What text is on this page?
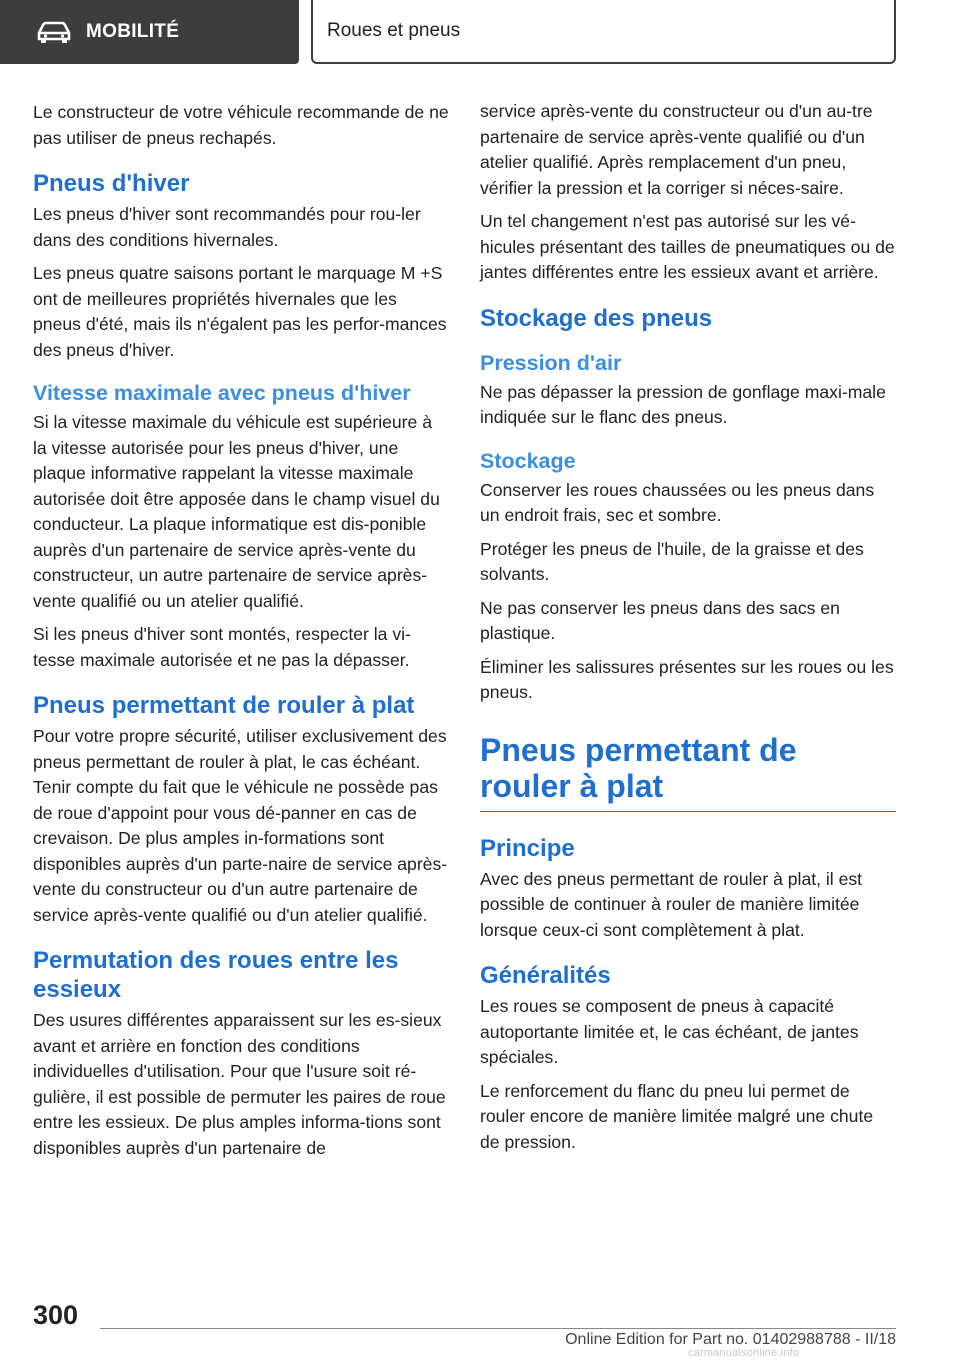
MOBILITÉ	Roues et pneus

Le constructeur de votre véhicule recommande de ne pas utiliser de pneus rechapés.

Pneus d'hiver

Les pneus d'hiver sont recommandés pour rou-ler dans des conditions hivernales.

Les pneus quatre saisons portant le marquage M +S ont de meilleures propriétés hivernales que les pneus d'été, mais ils n'égalent pas les perfor-mances des pneus d'hiver.

Vitesse maximale avec pneus d'hiver

Si la vitesse maximale du véhicule est supérieure à la vitesse autorisée pour les pneus d'hiver, une plaque informative rappelant la vitesse maximale autorisée doit être apposée dans le champ visuel du conducteur. La plaque informatique est dis-ponible auprès d'un partenaire de service après-vente du constructeur, un autre partenaire de service après-vente qualifié ou un atelier qualifié.

Si les pneus d'hiver sont montés, respecter la vi-tesse maximale autorisée et ne pas la dépasser.

Pneus permettant de rouler à plat

Pour votre propre sécurité, utiliser exclusivement des pneus permettant de rouler à plat, le cas échéant. Tenir compte du fait que le véhicule ne possède pas de roue d'appoint pour vous dé-panner en cas de crevaison. De plus amples in-formations sont disponibles auprès d'un parte-naire de service après-vente du constructeur ou d'un autre partenaire de service après-vente qualifié ou d'un atelier qualifié.

Permutation des roues entre les essieux

Des usures différentes apparaissent sur les es-sieux avant et arrière en fonction des conditions individuelles d'utilisation. Pour que l'usure soit ré-gulière, il est possible de permuter les paires de roue entre les essieux. De plus amples informa-tions sont disponibles auprès d'un partenaire de

service après-vente du constructeur ou d'un au-tre partenaire de service après-vente qualifié ou d'un atelier qualifié. Après remplacement d'un pneu, vérifier la pression et la corriger si néces-saire.

Un tel changement n'est pas autorisé sur les vé-hicules présentant des tailles de pneumatiques ou de jantes différentes entre les essieux avant et arrière.

Stockage des pneus
Pression d'air

Ne pas dépasser la pression de gonflage maxi-male indiquée sur le flanc des pneus.

Stockage

Conserver les roues chaussées ou les pneus dans un endroit frais, sec et sombre.

Protéger les pneus de l'huile, de la graisse et des solvants.

Ne pas conserver les pneus dans des sacs en plastique.

Éliminer les salissures présentes sur les roues ou les pneus.

Pneus permettant de rouler à plat
Principe

Avec des pneus permettant de rouler à plat, il est possible de continuer à rouler de manière limitée lorsque ceux-ci sont complètement à plat.

Généralités

Les roues se composent de pneus à capacité autoportante limitée et, le cas échéant, de jantes spéciales.

Le renforcement du flanc du pneu lui permet de rouler encore de manière limitée malgré une chute de pression.

300
Online Edition for Part no. 01402988788 - II/18
carmanualsonline.info
